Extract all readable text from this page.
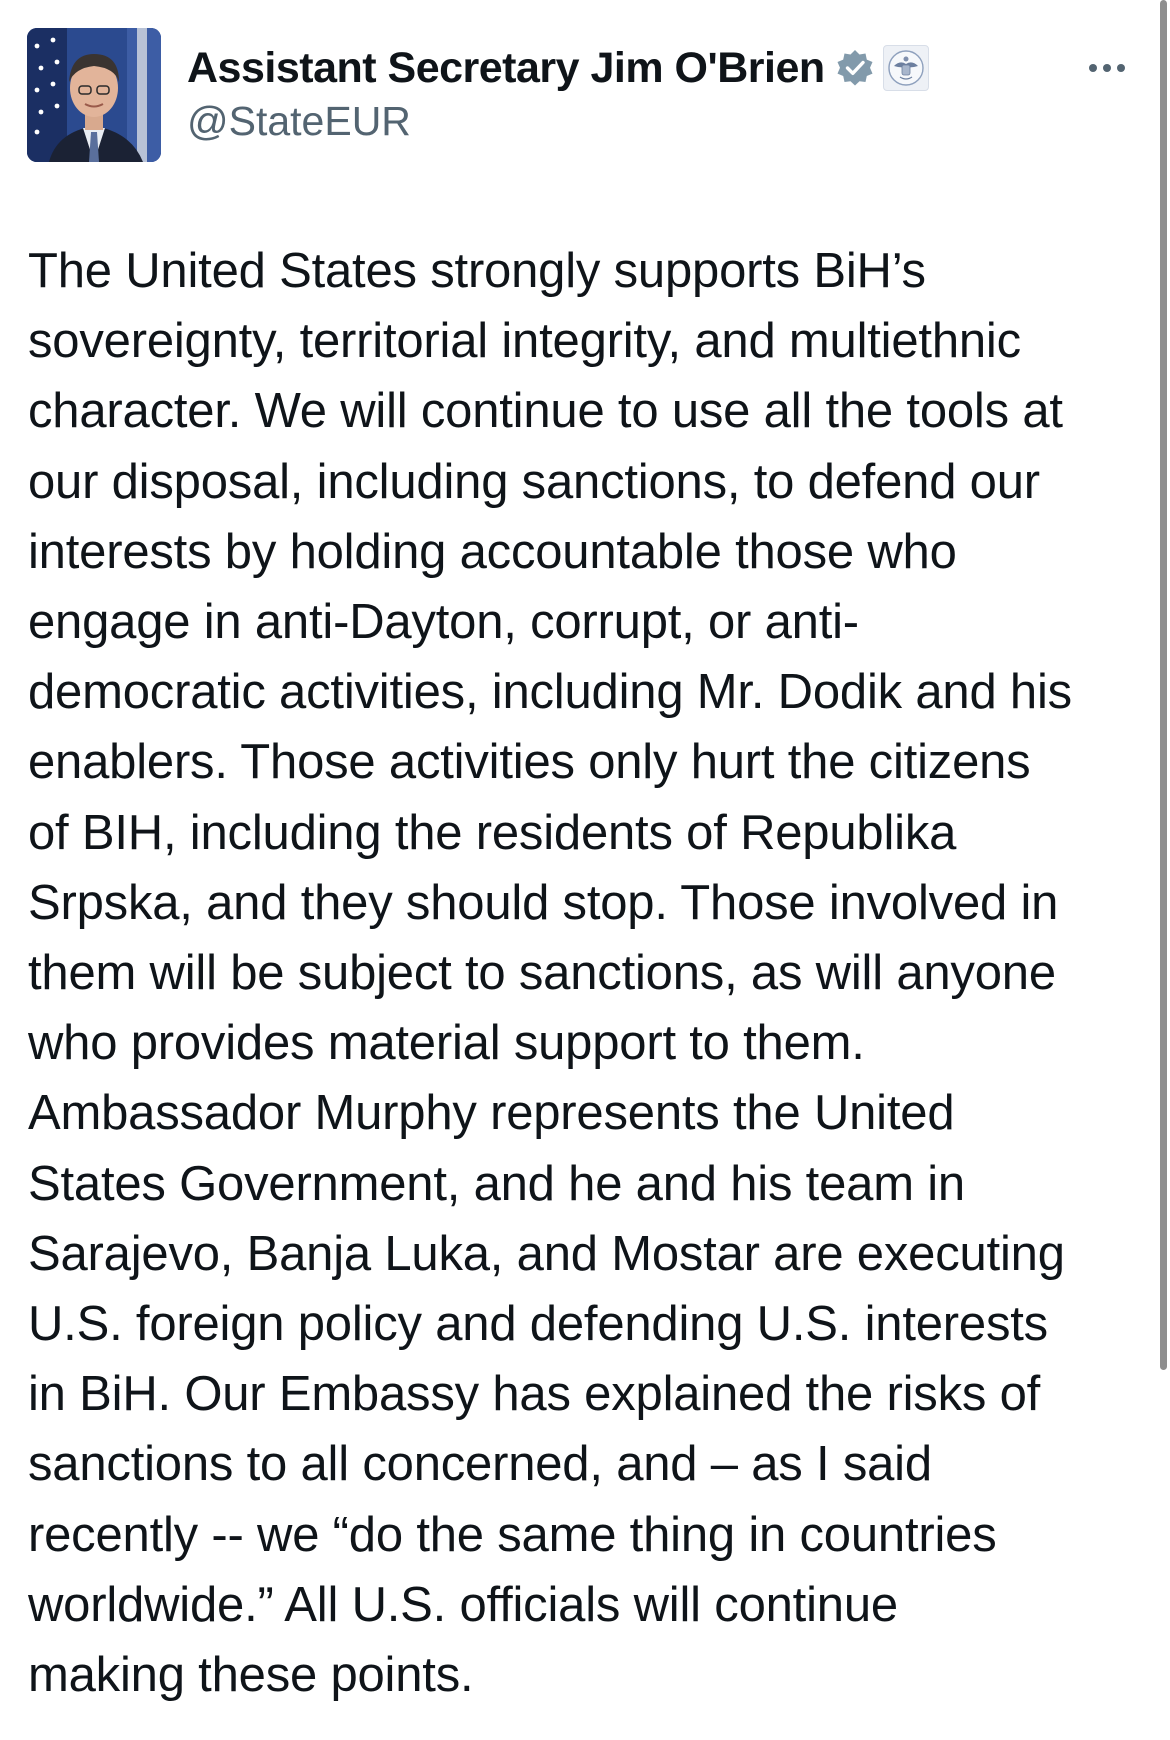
Assistant Secretary Jim O'Brien
@StateEUR
The United States strongly supports BiH’s
sovereignty, territorial integrity, and multiethnic
character. We will continue to use all the tools at
our disposal, including sanctions, to defend our
interests by holding accountable those who
engage in anti-Dayton, corrupt, or anti-
democratic activities, including Mr. Dodik and his
enablers. Those activities only hurt the citizens
of BIH, including the residents of Republika
Srpska, and they should stop. Those involved in
them will be subject to sanctions, as will anyone
who provides material support to them.
Ambassador Murphy represents the United
States Government, and he and his team in
Sarajevo, Banja Luka, and Mostar are executing
U.S. foreign policy and defending U.S. interests
in BiH. Our Embassy has explained the risks of
sanctions to all concerned, and – as I said
recently -- we “do the same thing in countries
worldwide.” All U.S. officials will continue
making these points.
